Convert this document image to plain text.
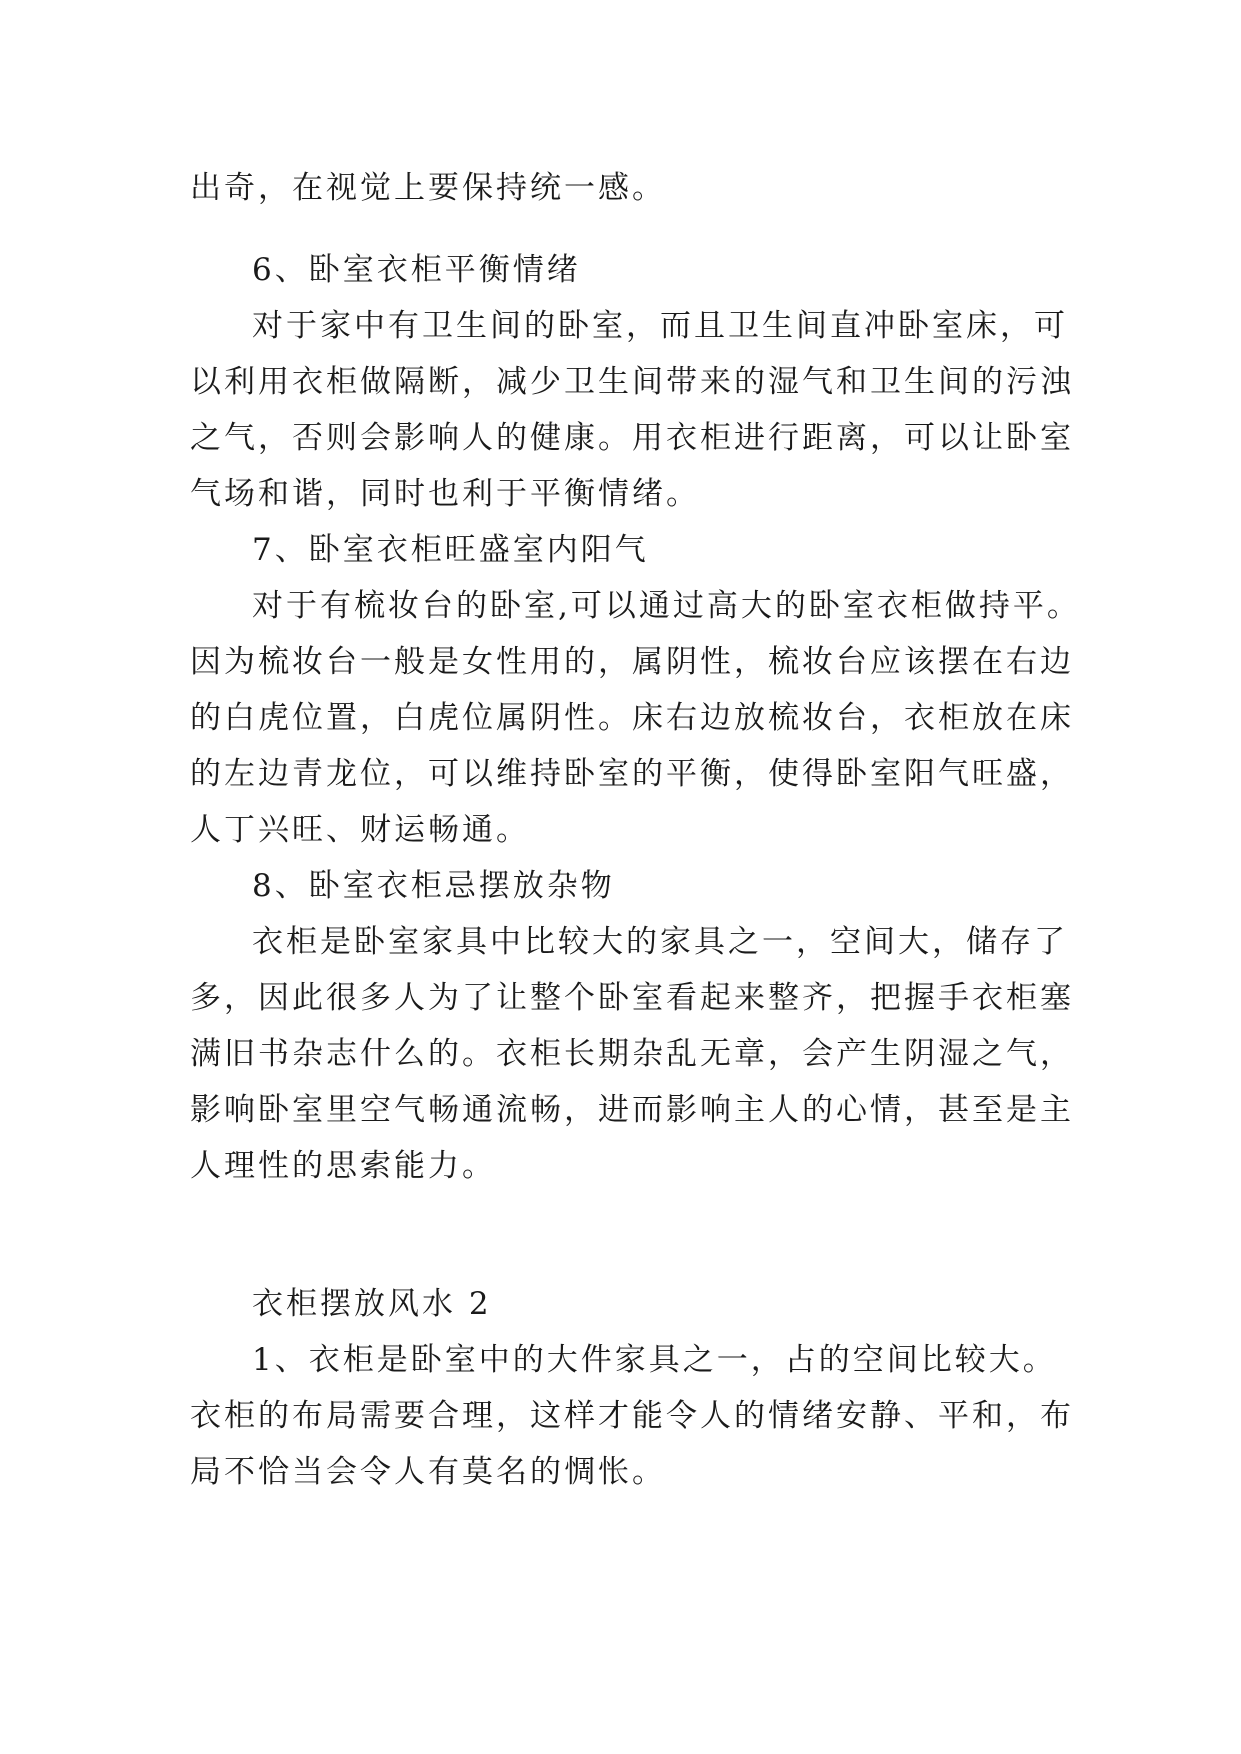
出奇，在视觉上要保持统一感。
6、卧室衣柜平衡情绪
对于家中有卫生间的卧室，而且卫生间直冲卧室床，可
以利用衣柜做隔断，减少卫生间带来的湿气和卫生间的污浊
之气，否则会影响人的健康。用衣柜进行距离，可以让卧室
气场和谐，同时也利于平衡情绪。
7、卧室衣柜旺盛室内阳气
对于有梳妆台的卧室,可以通过高大的卧室衣柜做持平。
因为梳妆台一般是女性用的，属阴性，梳妆台应该摆在右边
的白虎位置，白虎位属阴性。床右边放梳妆台，衣柜放在床
的左边青龙位，可以维持卧室的平衡，使得卧室阳气旺盛，
人丁兴旺、财运畅通。
8、卧室衣柜忌摆放杂物
衣柜是卧室家具中比较大的家具之一，空间大，储存了
多，因此很多人为了让整个卧室看起来整齐，把握手衣柜塞
满旧书杂志什么的。衣柜长期杂乱无章，会产生阴湿之气，
影响卧室里空气畅通流畅，进而影响主人的心情，甚至是主
人理性的思索能力。
衣柜摆放风水 2
1、衣柜是卧室中的大件家具之一，占的空间比较大。
衣柜的布局需要合理，这样才能令人的情绪安静、平和，布
局不恰当会令人有莫名的惆怅。
